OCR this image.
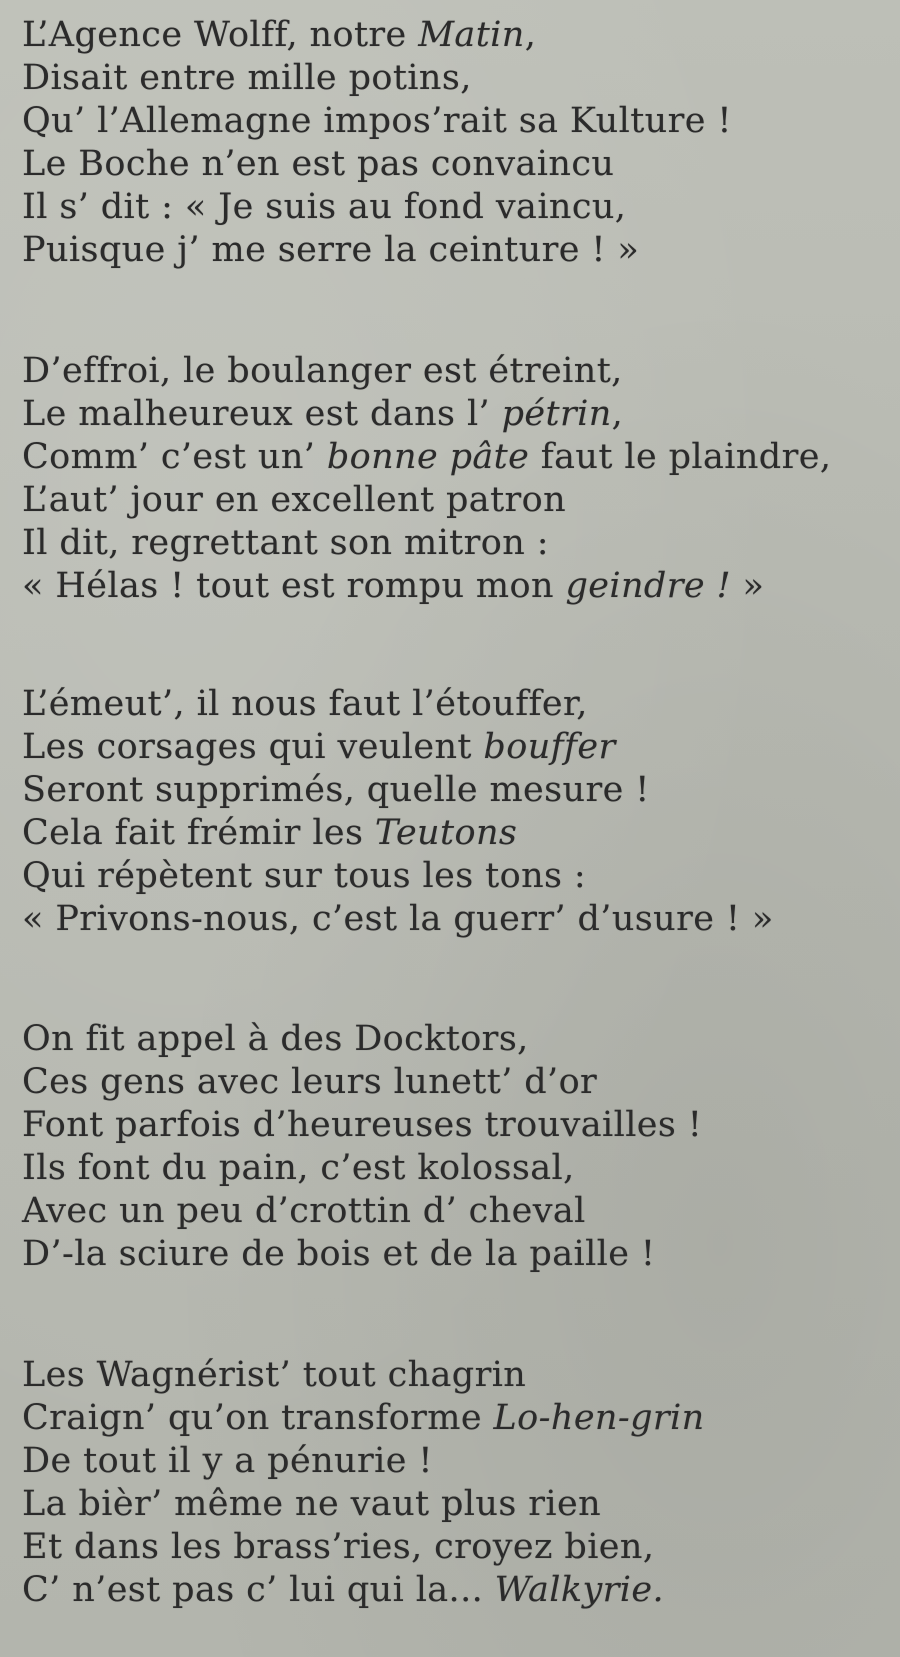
L’Agence Wolff, notre Matin,
Disait entre mille potins,
Qu’ l’Allemagne impos’rait sa Kulture !
Le Boche n’en est pas convaincu
Il s’ dit : « Je suis au fond vaincu,
Puisque j’ me serre la ceinture ! »
D’effroi, le boulanger est étreint,
Le malheureux est dans l’ pétrin,
Comm’ c’est un’ bonne pâte faut le plaindre,
L’aut’ jour en excellent patron
Il dit, regrettant son mitron :
« Hélas ! tout est rompu mon geindre ! »
L’émeut’, il nous faut l’étouffer,
Les corsages qui veulent bouffer
Seront supprimés, quelle mesure !
Cela fait frémir les Teutons
Qui répètent sur tous les tons :
« Privons-nous, c’est la guerr’ d’usure ! »
On fit appel à des Docktors,
Ces gens avec leurs lunett’ d’or
Font parfois d’heureuses trouvailles !
Ils font du pain, c’est kolossal,
Avec un peu d’crottin d’ cheval
D’-la sciure de bois et de la paille !
Les Wagnérist’ tout chagrin
Craign’ qu’on transforme Lo-hen-grin
De tout il y a pénurie !
La bièr’ même ne vaut plus rien
Et dans les brass’ries, croyez bien,
C’ n’est pas c’ lui qui la... Walkyrie.
